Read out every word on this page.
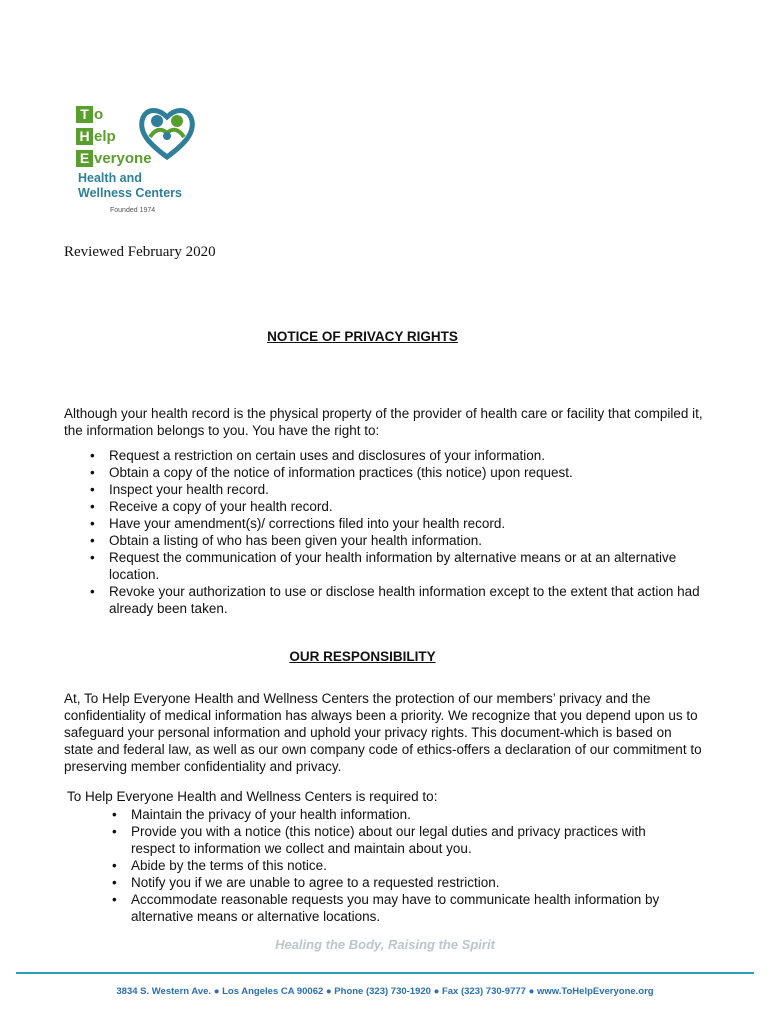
T o
H elp
E veryone
Health and
Wellness Centers
Founded 1974
Reviewed February 2020
NOTICE OF PRIVACY RIGHTS

Although your health record is the physical property of the provider of health care or facility that compiled it, the information belongs to you. You have the right to:

• Request a restriction on certain uses and disclosures of your information.
• Obtain a copy of the notice of information practices (this notice) upon request.
• Inspect your health record.
• Receive a copy of your health record.
• Have your amendment(s)/ corrections filed into your health record.
• Obtain a listing of who has been given your health information.
• Request the communication of your health information by alternative means or at an alternative location.
• Revoke your authorization to use or disclose health information except to the extent that action had already been taken.
OUR RESPONSIBILITY

At, To Help Everyone Health and Wellness Centers the protection of our members’ privacy and the confidentiality of medical information has always been a priority. We recognize that you depend upon us to safeguard your personal information and uphold your privacy rights. This document-which is based on state and federal law, as well as our own company code of ethics-offers a declaration of our commitment to preserving member confidentiality and privacy.

To Help Everyone Health and Wellness Centers is required to:
• Maintain the privacy of your health information.
• Provide you with a notice (this notice) about our legal duties and privacy practices with respect to information we collect and maintain about you.
• Abide by the terms of this notice.
• Notify you if we are unable to agree to a requested restriction.
• Accommodate reasonable requests you may have to communicate health information by alternative means or alternative locations.
Healing the Body, Raising the Spirit
3834 S. Western Ave. ● Los Angeles CA 90062 ● Phone (323) 730-1920 ● Fax (323) 730-9777 ● www.ToHelpEveryone.org
